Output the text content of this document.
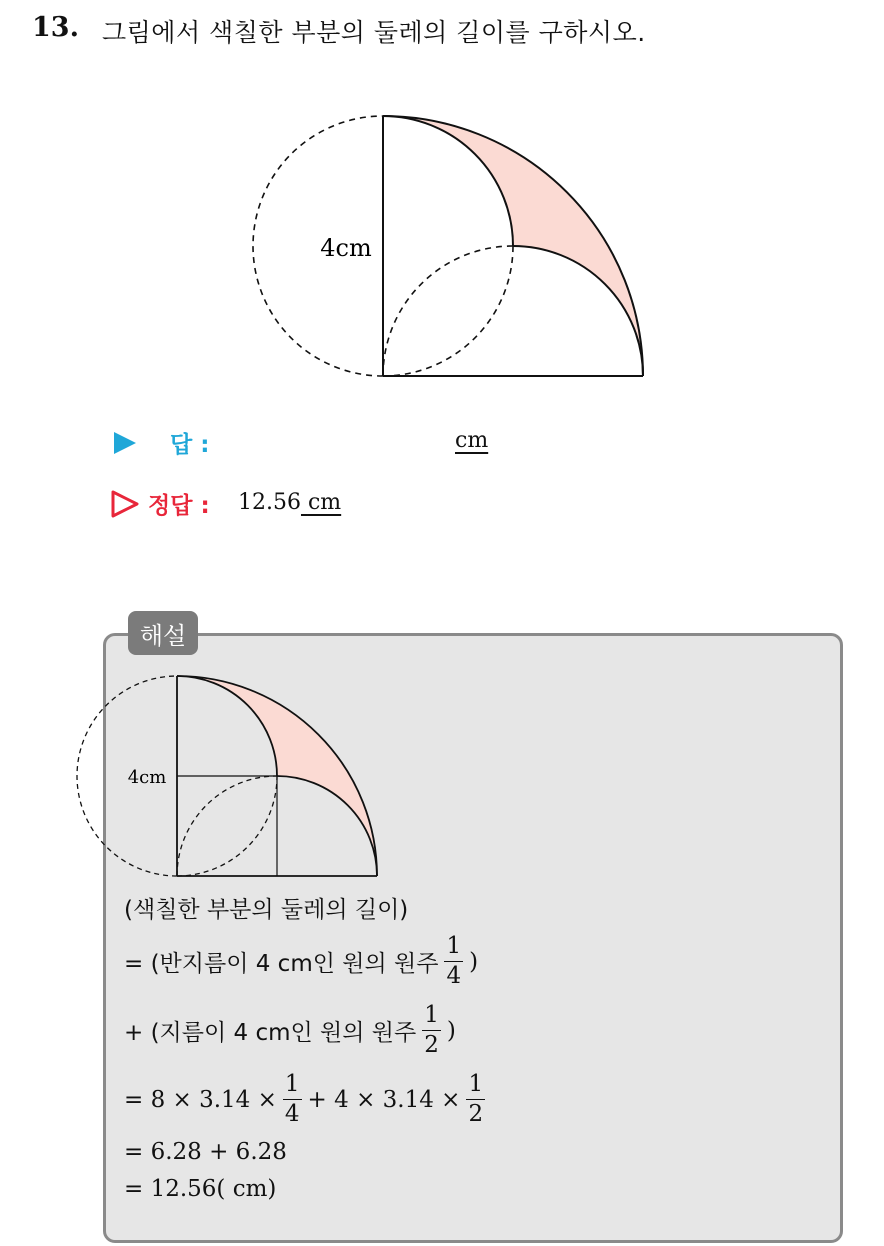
13. 그림에서 색칠한 부분의 둘레의 길이를 구하시오.
4cm
답 :	cm
정답 : 12.56 cm
해설
4cm
(색칠한 부분의 둘레의 길이)
= (반지름이 4 cm인 원의 원주 $\frac{1}{4}$ )
+ (지름이 4 cm인 원의 원주 $\frac{1}{2}$ )
= $8 \times 3.14 \times \frac{1}{4} + 4 \times 3.14 \times \frac{1}{2}$
= 6.28 + 6.28
= 12.56( cm)
